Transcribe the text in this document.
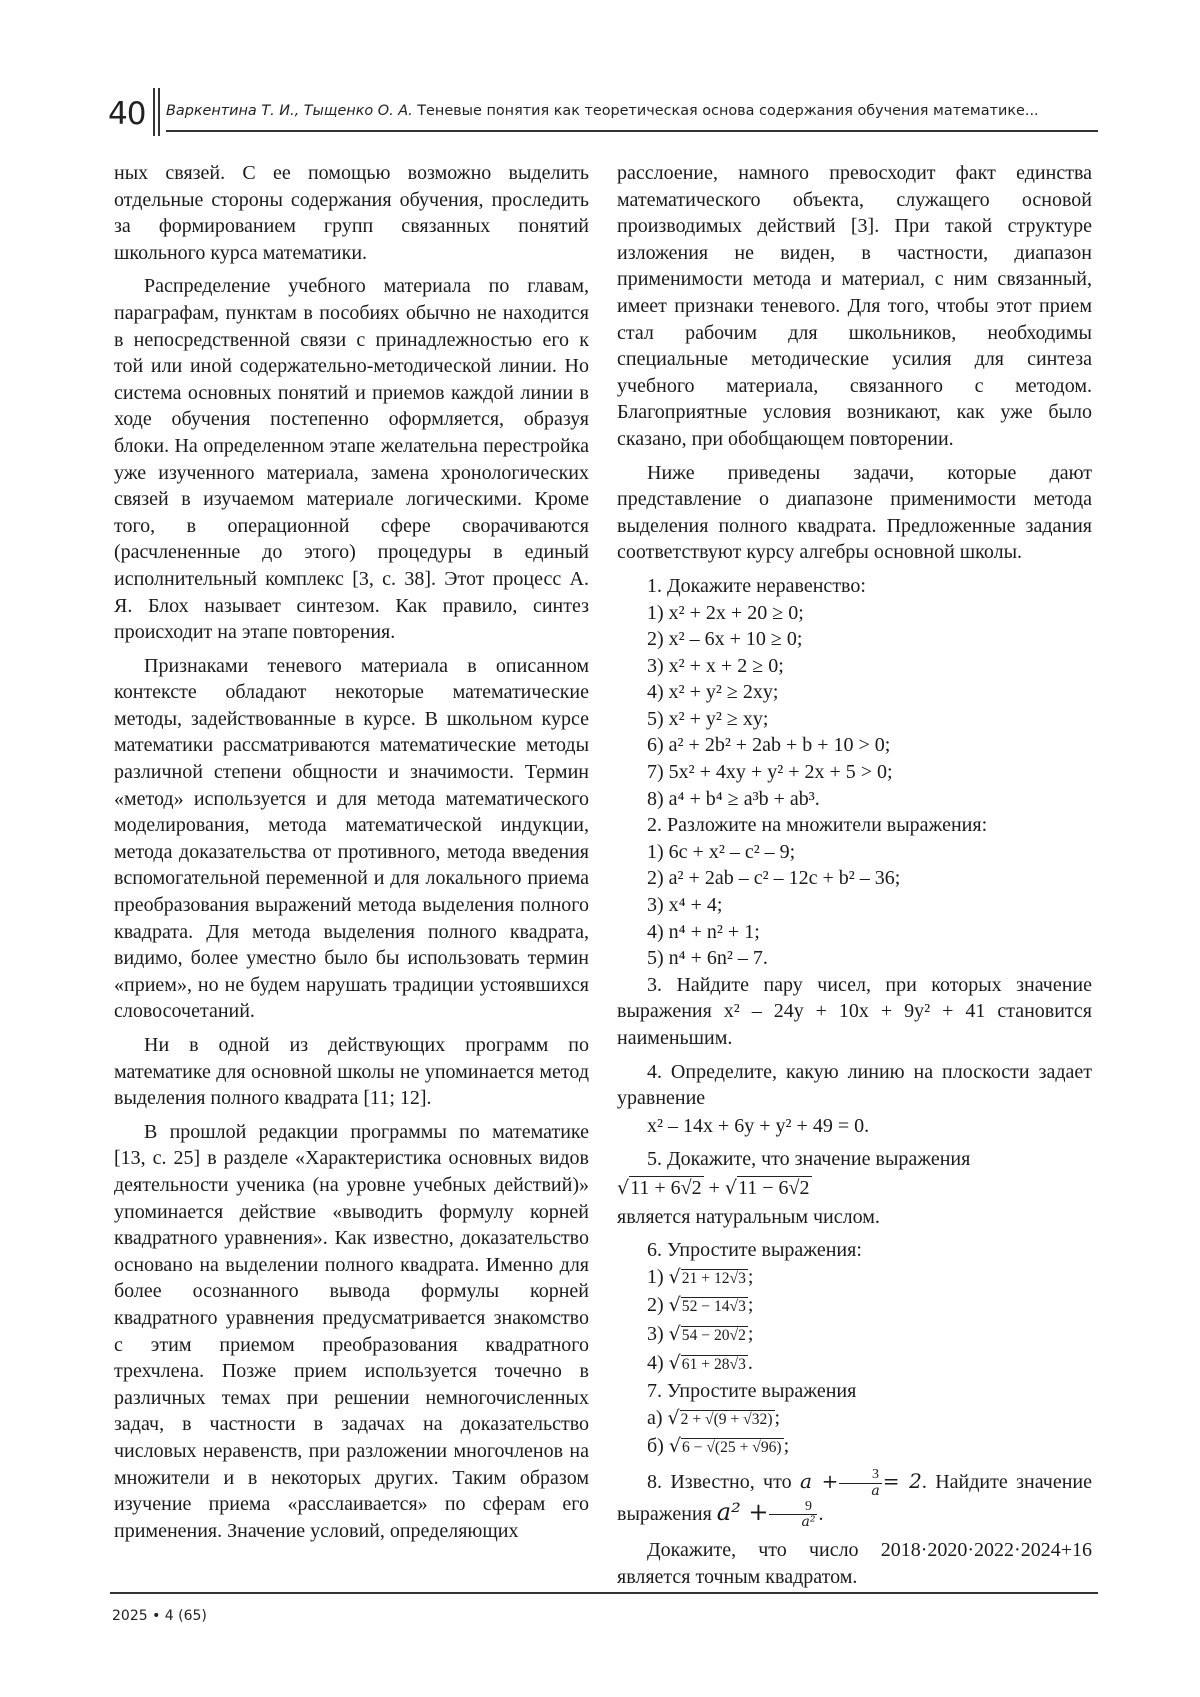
40 Варкентина Т. И., Тыщенко О. А. Теневые понятия как теоретическая основа содержания обучения математике...

ных связей. С ее помощью возможно выделить отдельные стороны содержания обучения, проследить за формированием групп связанных понятий школьного курса математики.

Распределение учебного материала по главам, параграфам, пунктам в пособиях обычно не находится в непосредственной связи с принадлежностью его к той или иной содержательно-методической линии. Но система основных понятий и приемов каждой линии в ходе обучения постепенно оформляется, образуя блоки. На определенном этапе желательна перестройка уже изученного материала, замена хронологических связей в изучаемом материале логическими. Кроме того, в операционной сфере сворачиваются (расчлененные до этого) процедуры в единый исполнительный комплекс [3, с. 38]. Этот процесс А. Я. Блох называет синтезом. Как правило, синтез происходит на этапе повторения.

Признаками теневого материала в описанном контексте обладают некоторые математические методы, задействованные в курсе. В школьном курсе математики рассматриваются математические методы различной степени общности и значимости. Термин «метод» используется и для метода математического моделирования, метода математической индукции, метода доказательства от противного, метода введения вспомогательной переменной и для локального приема преобразования выражений метода выделения полного квадрата. Для метода выделения полного квадрата, видимо, более уместно было бы использовать термин «прием», но не будем нарушать традиции устоявшихся словосочетаний.

Ни в одной из действующих программ по математике для основной школы не упоминается метод выделения полного квадрата [11; 12].

В прошлой редакции программы по математике [13, с. 25] в разделе «Характеристика основных видов деятельности ученика (на уровне учебных действий)» упоминается действие «выводить формулу корней квадратного уравнения». Как известно, доказательство основано на выделении полного квадрата. Именно для более осознанного вывода формулы корней квадратного уравнения предусматривается знакомство с этим приемом преобразования квадратного трехчлена. Позже прием используется точечно в различных темах при решении немногочисленных задач, в частности в задачах на доказательство числовых неравенств, при разложении многочленов на множители и в некоторых других. Таким образом изучение приема «расслаивается» по сферам его применения. Значение условий, определяющих

расслоение, намного превосходит факт единства математического объекта, служащего основой производимых действий [3]. При такой структуре изложения не виден, в частности, диапазон применимости метода и материал, с ним связанный, имеет признаки теневого. Для того, чтобы этот прием стал рабочим для школьников, необходимы специальные методические усилия для синтеза учебного материала, связанного с методом. Благоприятные условия возникают, как уже было сказано, при обобщающем повторении.

Ниже приведены задачи, которые дают представление о диапазоне применимости метода выделения полного квадрата. Предложенные задания соответствуют курсу алгебры основной школы.

1. Докажите неравенство:

1) x² + 2x + 20 ≥ 0;

2) x² – 6x + 10 ≥ 0;

3) x² + x + 2 ≥ 0;

4) x² + y² ≥ 2xy;

5) x² + y² ≥ xy;

6) a² + 2b² + 2ab + b + 10 > 0;

7) 5x² + 4xy + y² + 2x + 5 > 0;

8) a⁴ + b⁴ ≥ a³b + ab³.

2. Разложите на множители выражения:

1) 6c + x² – c² – 9;

2) a² + 2ab – c² – 12c + b² – 36;

3) x⁴ + 4;

4) n⁴ + n² + 1;

5) n⁴ + 6n² – 7.

3. Найдите пару чисел, при которых значение выражения x² – 24y + 10x + 9y² + 41 становится наименьшим.

4. Определите, какую линию на плоскости задает уравнение

x² – 14x + 6y + y² + 49 = 0.

5. Докажите, что значение выражения

√11 + 6√2 + √11 − 6√2

является натуральным числом.

6. Упростите выражения:

1) √21 + 12√3 ;

2) √52 − 14√3 ;

3) √54 − 20√2 ;

4) √61 + 28√3 .

7. Упростите выражения

а) √2 + √(9 + √32) ;

б) √6 − √(25 + √96) ;

8. Известно, что $a + \frac{3}{a} = 2$. Найдите значение выражения $a^2 + \frac{9}{\text{a²}}$ .

Докажите, что число 2018·2020·2022·2024+16 является точным квадратом.

2025 • 4 (65)
